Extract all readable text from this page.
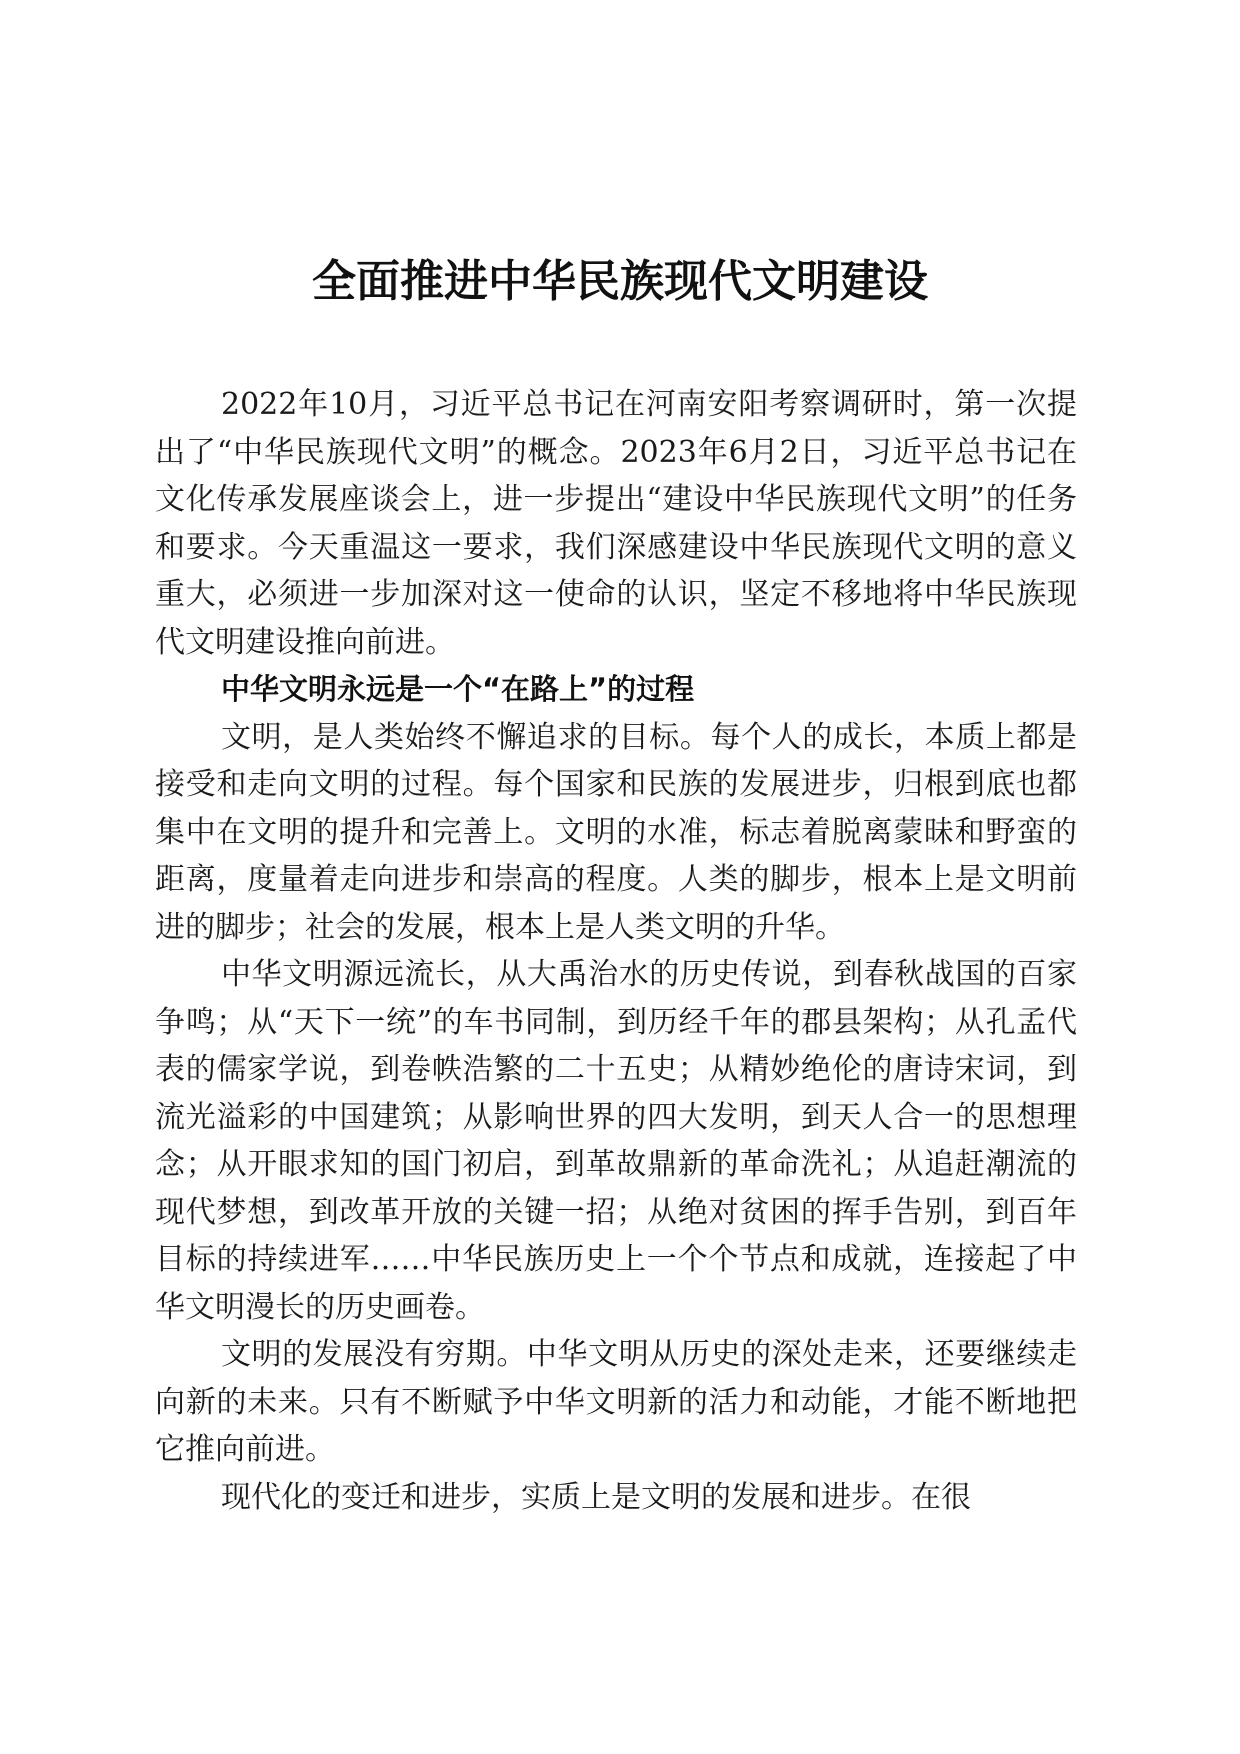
全面推进中华民族现代文明建设

2022年10月，习近平总书记在河南安阳考察调研时，第一次提出了“中华民族现代文明”的概念。2023年6月2日，习近平总书记在文化传承发展座谈会上，进一步提出“建设中华民族现代文明”的任务和要求。今天重温这一要求，我们深感建设中华民族现代文明的意义重大，必须进一步加深对这一使命的认识，坚定不移地将中华民族现代文明建设推向前进。

中华文明永远是一个“在路上”的过程

文明，是人类始终不懈追求的目标。每个人的成长，本质上都是接受和走向文明的过程。每个国家和民族的发展进步，归根到底也都集中在文明的提升和完善上。文明的水准，标志着脱离蒙昧和野蛮的距离，度量着走向进步和崇高的程度。人类的脚步，根本上是文明前进的脚步；社会的发展，根本上是人类文明的升华。

中华文明源远流长，从大禹治水的历史传说，到春秋战国的百家争鸣；从“天下一统”的车书同制，到历经千年的郡县架构；从孔孟代表的儒家学说，到卷帙浩繁的二十五史；从精妙绝伦的唐诗宋词，到流光溢彩的中国建筑；从影响世界的四大发明，到天人合一的思想理念；从开眼求知的国门初启，到革故鼎新的革命洗礼；从追赶潮流的现代梦想，到改革开放的关键一招；从绝对贫困的挥手告别，到百年目标的持续进军……中华民族历史上一个个节点和成就，连接起了中华文明漫长的历史画卷。

文明的发展没有穷期。中华文明从历史的深处走来，还要继续走向新的未来。只有不断赋予中华文明新的活力和动能，才能不断地把它推向前进。

现代化的变迁和进步，实质上是文明的发展和进步。在很
